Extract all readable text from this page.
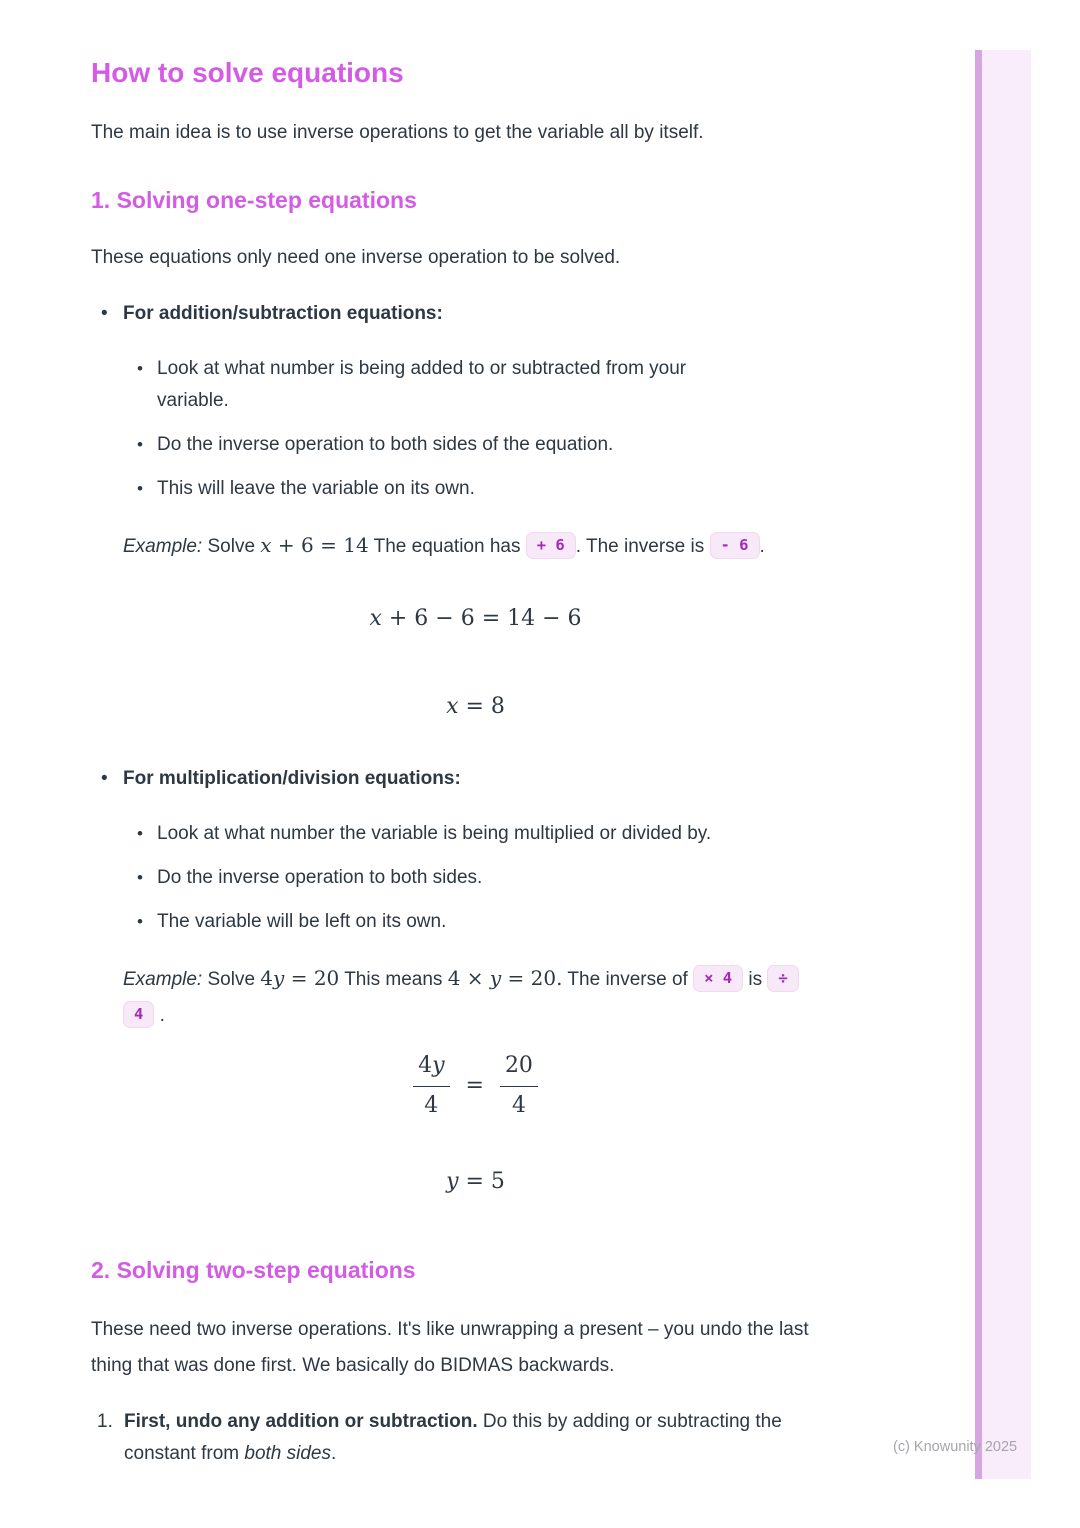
(c) Knowunity 2025
How to solve equations

The main idea is to use inverse operations to get the variable all by itself.

1. Solving one-step equations

These equations only need one inverse operation to be solved.

• For addition/subtraction equations:
• Look at what number is being added to or subtracted from your variable.
• Do the inverse operation to both sides of the equation.
• This will leave the variable on its own.

Example: Solve x + 6 = 14 The equation has + 6 . The inverse is - 6 .

x + 6 − 6 = 14 − 6
x = 8
• For multiplication/division equations:
• Look at what number the variable is being multiplied or divided by.
• Do the inverse operation to both sides.
• The variable will be left on its own.

Example: Solve 4y = 20 This means 4 × y = 20. The inverse of × 4 is ÷
4 .

$\frac{4y}{4} = \frac{20}{4}$
y = 5
2. Solving two-step equations

These need two inverse operations. It's like unwrapping a present – you undo the last thing that was done first. We basically do BIDMAS backwards.

1. First, undo any addition or subtraction. Do this by adding or subtracting the constant from both sides.
